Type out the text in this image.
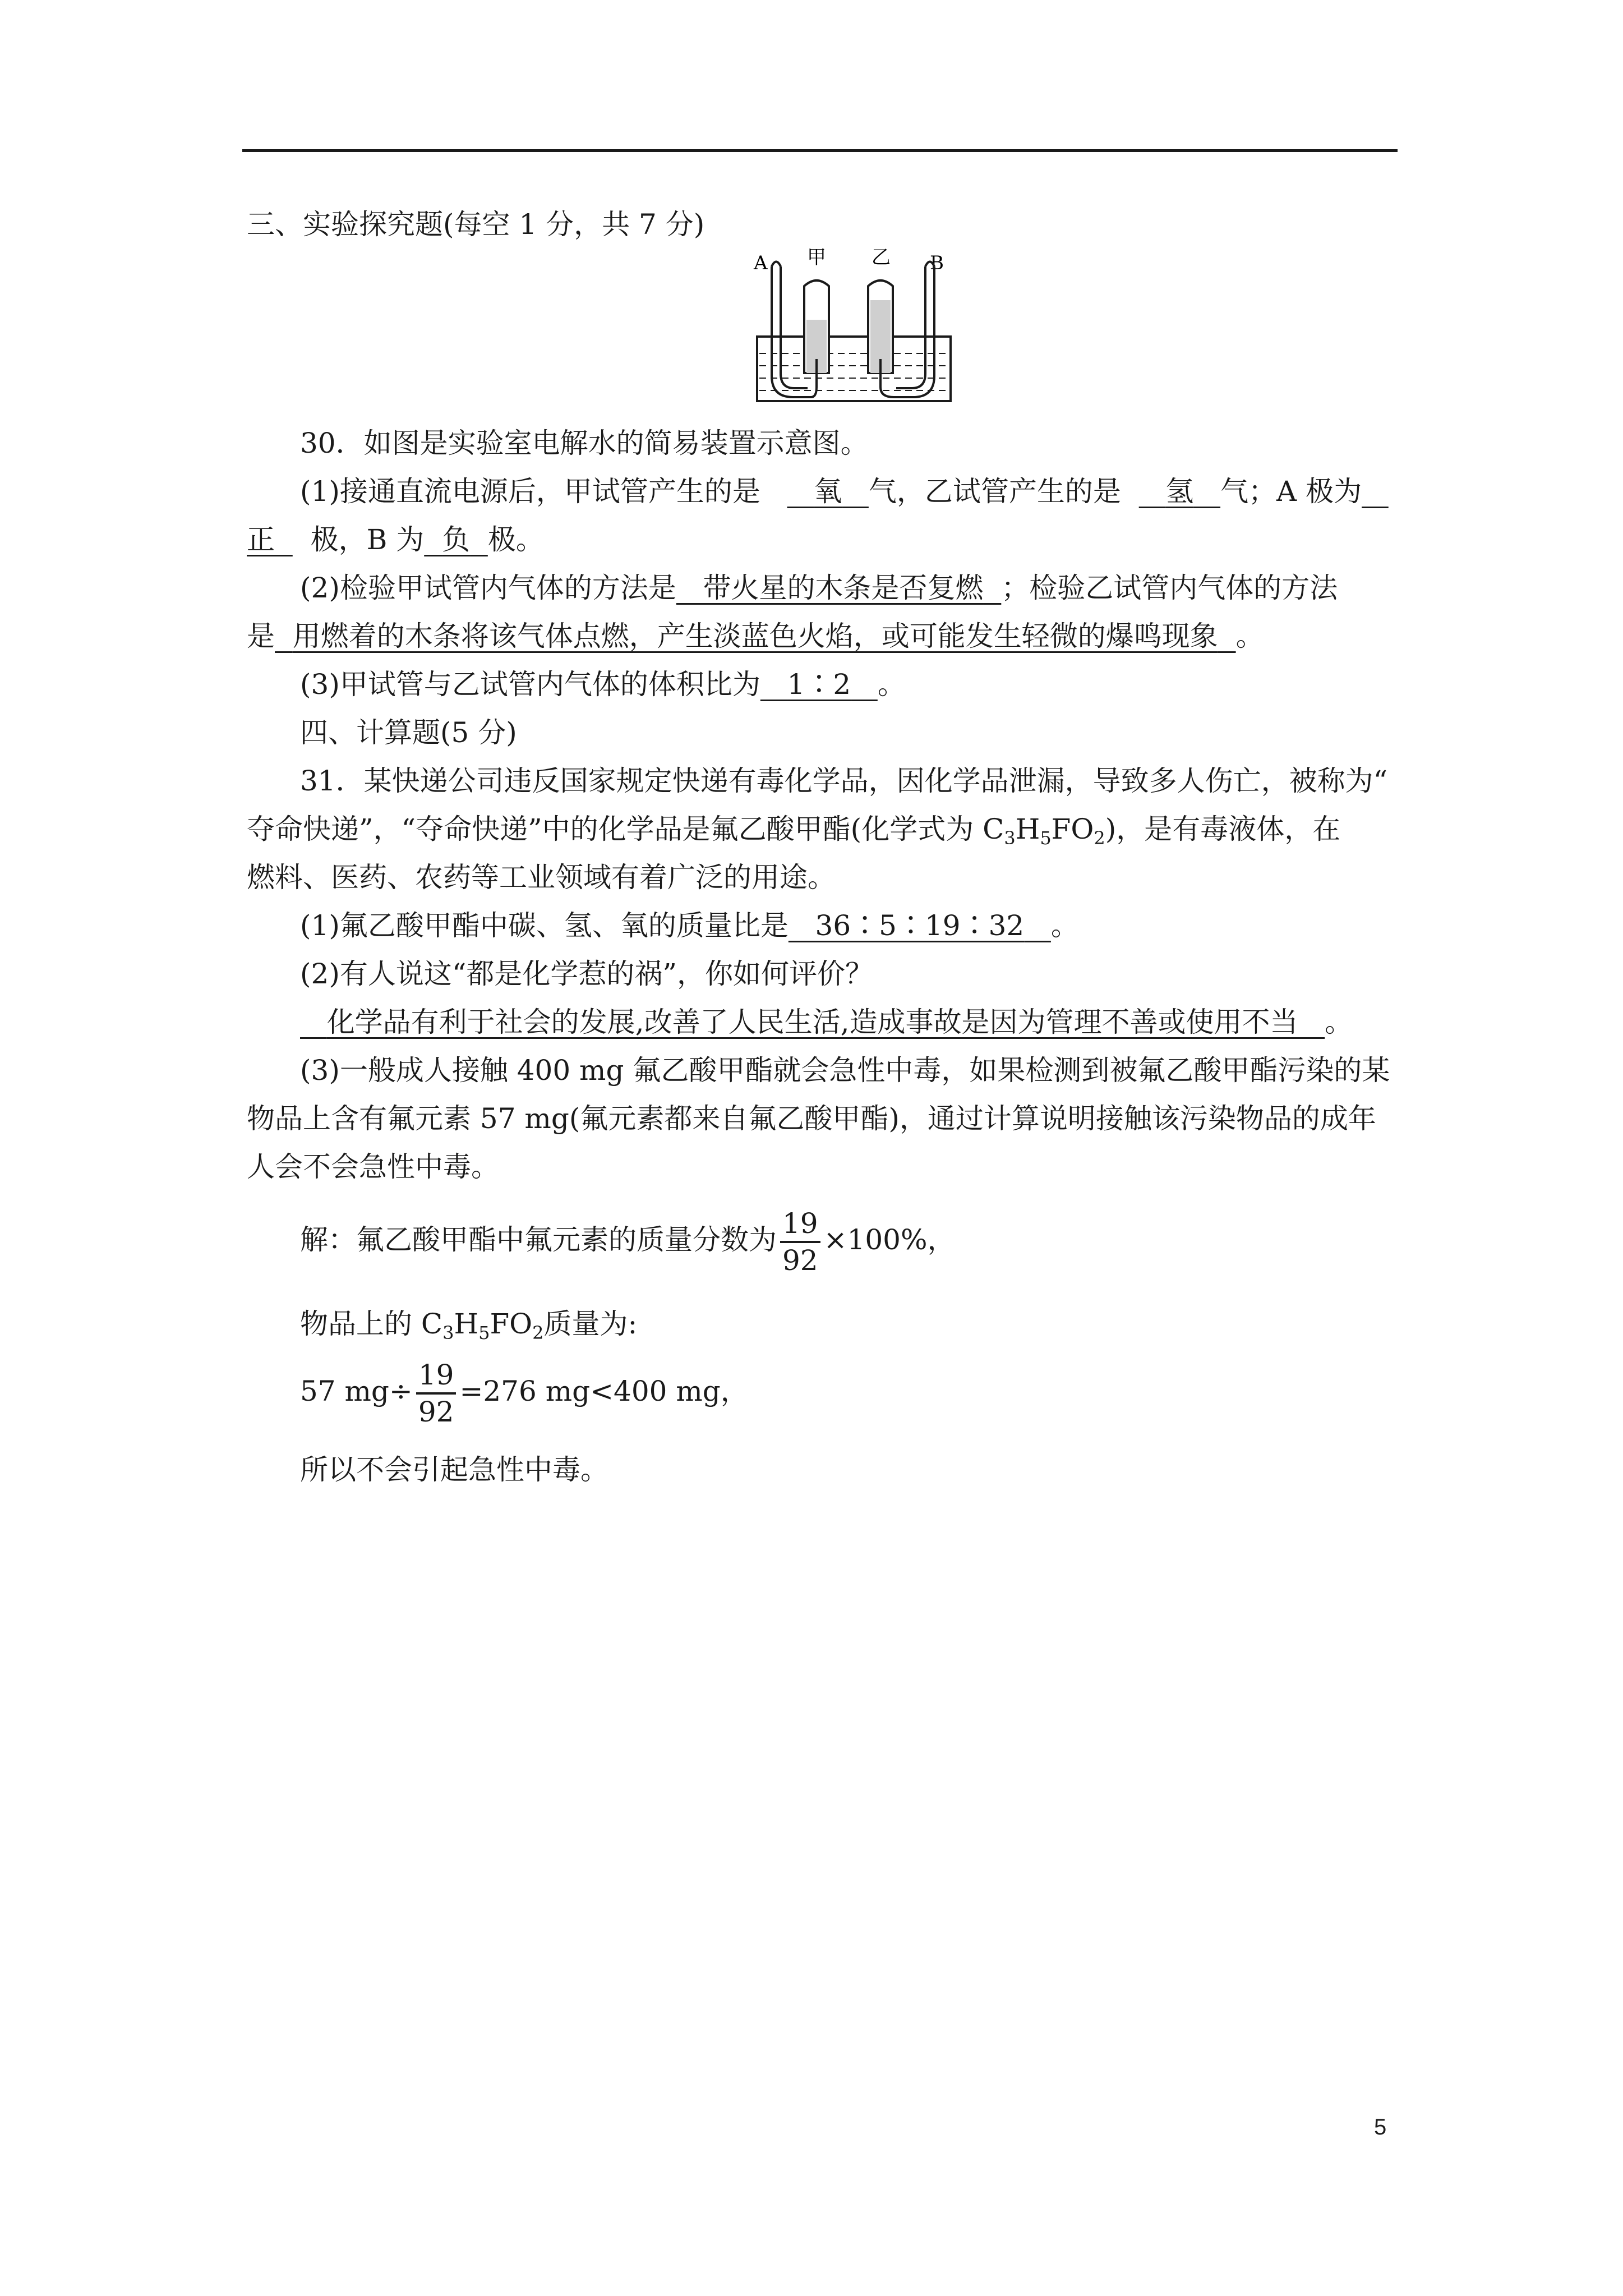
三、实验探究题(每空 1 分，共 7 分)
A 甲 乙 B
30．如图是实验室电解水的简易装置示意图。
(1)接通直流电源后，甲试管产生的是 氧 气，乙试管产生的是 氢 气；A 极为
正 极，B 为 负 极。
(2)检验甲试管内气体的方法是 带火星的木条是否复燃 ；检验乙试管内气体的方法
是 用燃着的木条将该气体点燃，产生淡蓝色火焰，或可能发生轻微的爆鸣现象 。
(3)甲试管与乙试管内气体的体积比为 1∶2 。
四、计算题(5 分)
31．某快递公司违反国家规定快递有毒化学品，因化学品泄漏，导致多人伤亡，被称为“
夺命快递”，“夺命快递”中的化学品是氟乙酸甲酯(化学式为 $C_3H_5FO_2$)，是有毒液体，在
燃料、医药、农药等工业领域有着广泛的用途。
(1)氟乙酸甲酯中碳、氢、氧的质量比是 36∶5∶19∶32 。
(2)有人说这“都是化学惹的祸”，你如何评价？
化学品有利于社会的发展,改善了人民生活,造成事故是因为管理不善或使用不当 。
(3)一般成人接触 400 mg 氟乙酸甲酯就会急性中毒，如果检测到被氟乙酸甲酯污染的某
物品上含有氟元素 57 mg(氟元素都来自氟乙酸甲酯)，通过计算说明接触该污染物品的成年
人会不会急性中毒。
解：氟乙酸甲酯中氟元素的质量分数为 $\frac{19}{92} \times 100\%$，
物品上的 $C_3H_5FO_2$质量为:
57 $mg\div \frac{19}{92} =276$ mg<400 mg，
所以不会引起急性中毒。
5
